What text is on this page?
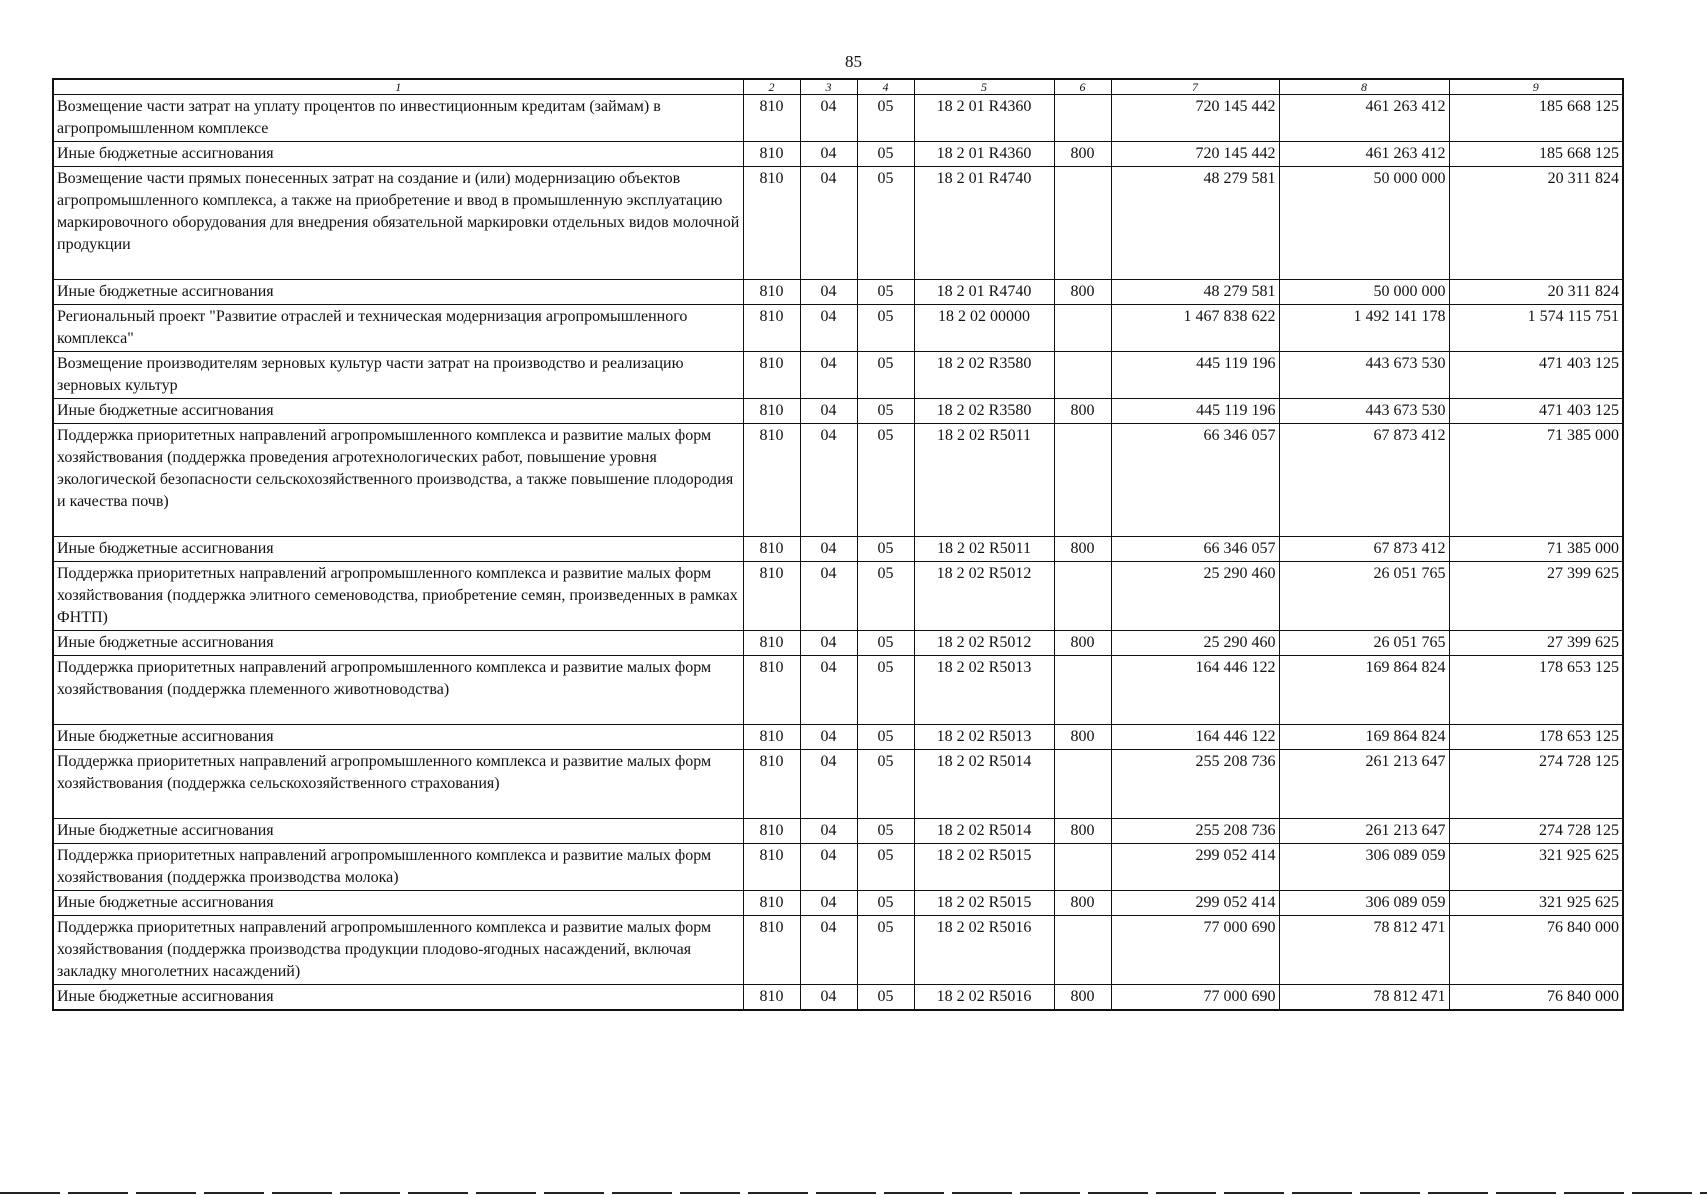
85
1	2	3	4	5	6	7	8	9
Возмещение части затрат на уплату процентов по инвестиционным кредитам (займам) в агропромышленном комплексе	810	04	05	18 2 01 R4360		720 145 442	461 263 412	185 668 125
Иные бюджетные ассигнования	810	04	05	18 2 01 R4360	800	720 145 442	461 263 412	185 668 125
Возмещение части прямых понесенных затрат на создание и (или) модернизацию объектов агропромышленного комплекса, а также на приобретение и ввод в промышленную эксплуатацию маркировочного оборудования для внедрения обязательной маркировки отдельных видов молочной продукции	810	04	05	18 2 01 R4740		48 279 581	50 000 000	20 311 824
Иные бюджетные ассигнования	810	04	05	18 2 01 R4740	800	48 279 581	50 000 000	20 311 824
Региональный проект "Развитие отраслей и техническая модернизация агропромышленного комплекса"	810	04	05	18 2 02 00000		1 467 838 622	1 492 141 178	1 574 115 751
Возмещение производителям зерновых культур части затрат на производство и реализацию зерновых культур	810	04	05	18 2 02 R3580		445 119 196	443 673 530	471 403 125
Иные бюджетные ассигнования	810	04	05	18 2 02 R3580	800	445 119 196	443 673 530	471 403 125
Поддержка приоритетных направлений агропромышленного комплекса и развитие малых форм хозяйствования (поддержка проведения агротехнологических работ, повышение уровня экологической безопасности сельскохозяйственного производства, а также повышение плодородия и качества почв)	810	04	05	18 2 02 R5011		66 346 057	67 873 412	71 385 000
Иные бюджетные ассигнования	810	04	05	18 2 02 R5011	800	66 346 057	67 873 412	71 385 000
Поддержка приоритетных направлений агропромышленного комплекса и развитие малых форм хозяйствования (поддержка элитного семеноводства, приобретение семян, произведенных в рамках ФНТП)	810	04	05	18 2 02 R5012		25 290 460	26 051 765	27 399 625
Иные бюджетные ассигнования	810	04	05	18 2 02 R5012	800	25 290 460	26 051 765	27 399 625
Поддержка приоритетных направлений агропромышленного комплекса и развитие малых форм хозяйствования (поддержка племенного животноводства)	810	04	05	18 2 02 R5013		164 446 122	169 864 824	178 653 125
Иные бюджетные ассигнования	810	04	05	18 2 02 R5013	800	164 446 122	169 864 824	178 653 125
Поддержка приоритетных направлений агропромышленного комплекса и развитие малых форм хозяйствования (поддержка сельскохозяйственного страхования)	810	04	05	18 2 02 R5014		255 208 736	261 213 647	274 728 125
Иные бюджетные ассигнования	810	04	05	18 2 02 R5014	800	255 208 736	261 213 647	274 728 125
Поддержка приоритетных направлений агропромышленного комплекса и развитие малых форм хозяйствования (поддержка производства молока)	810	04	05	18 2 02 R5015		299 052 414	306 089 059	321 925 625
Иные бюджетные ассигнования	810	04	05	18 2 02 R5015	800	299 052 414	306 089 059	321 925 625
Поддержка приоритетных направлений агропромышленного комплекса и развитие малых форм хозяйствования (поддержка производства продукции плодово-ягодных насаждений, включая закладку многолетних насаждений)	810	04	05	18 2 02 R5016		77 000 690	78 812 471	76 840 000
Иные бюджетные ассигнования	810	04	05	18 2 02 R5016	800	77 000 690	78 812 471	76 840 000
